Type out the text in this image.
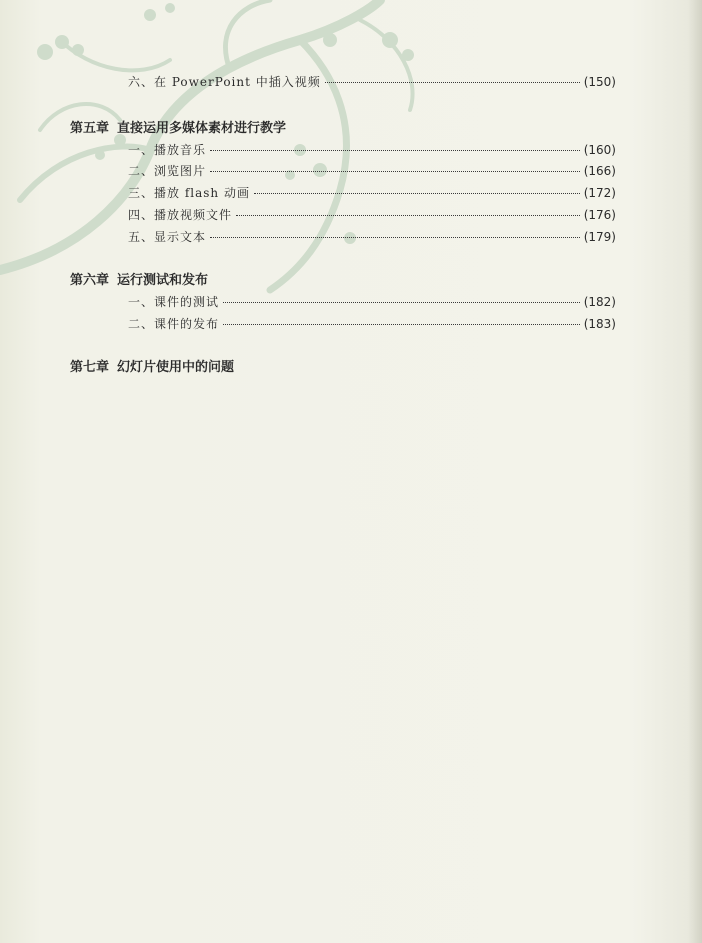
六、在 PowerPoint 中插入视频	(150)
第五章 直接运用多媒体素材进行教学
一、播放音乐	(160)
二、浏览图片	(166)
三、播放 flash 动画	(172)
四、播放视频文件	(176)
五、显示文本	(179)
第六章 运行测试和发布
一、课件的测试	(182)
二、课件的发布	(183)
第七章 幻灯片使用中的问题
